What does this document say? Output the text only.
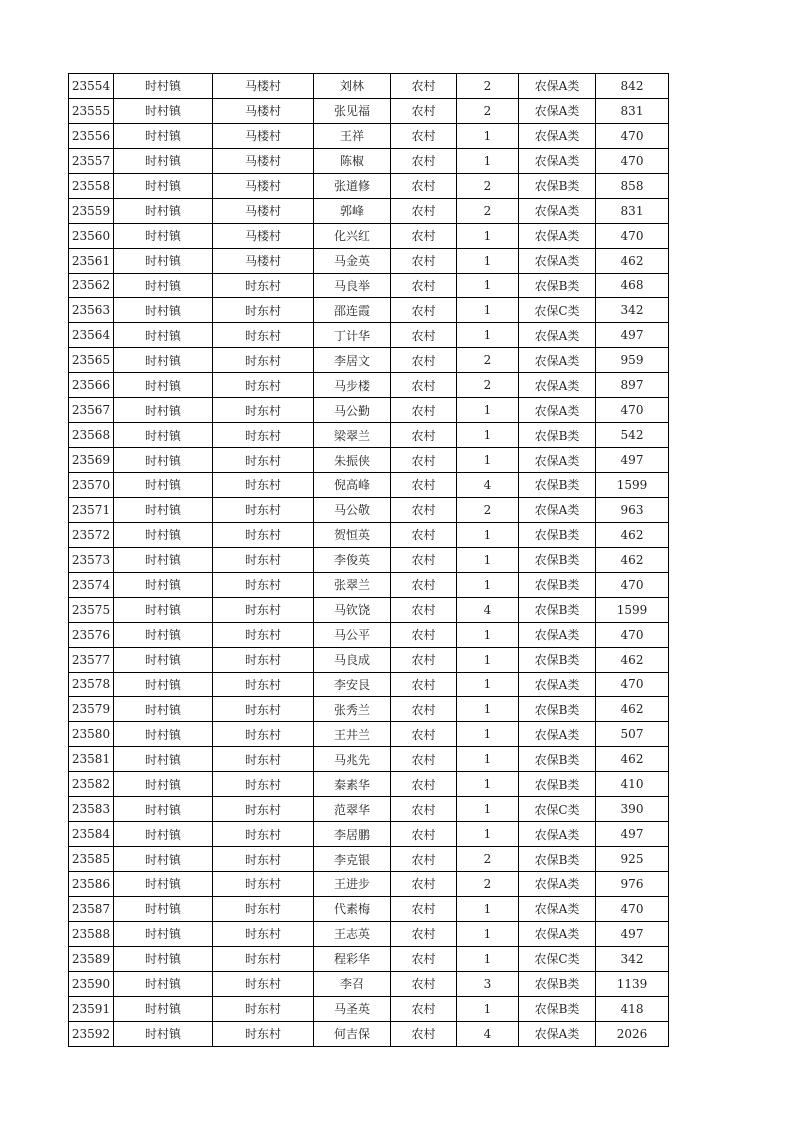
23554	时村镇	马楼村	刘林	农村	2	农保A类	842
23555	时村镇	马楼村	张见福	农村	2	农保A类	831
23556	时村镇	马楼村	王祥	农村	1	农保A类	470
23557	时村镇	马楼村	陈椒	农村	1	农保A类	470
23558	时村镇	马楼村	张道修	农村	2	农保B类	858
23559	时村镇	马楼村	郭峰	农村	2	农保A类	831
23560	时村镇	马楼村	化兴红	农村	1	农保A类	470
23561	时村镇	马楼村	马金英	农村	1	农保A类	462
23562	时村镇	时东村	马良举	农村	1	农保B类	468
23563	时村镇	时东村	邵连霞	农村	1	农保C类	342
23564	时村镇	时东村	丁计华	农村	1	农保A类	497
23565	时村镇	时东村	李居文	农村	2	农保A类	959
23566	时村镇	时东村	马步楼	农村	2	农保A类	897
23567	时村镇	时东村	马公勤	农村	1	农保A类	470
23568	时村镇	时东村	梁翠兰	农村	1	农保B类	542
23569	时村镇	时东村	朱振侠	农村	1	农保A类	497
23570	时村镇	时东村	倪高峰	农村	4	农保B类	1599
23571	时村镇	时东村	马公敬	农村	2	农保A类	963
23572	时村镇	时东村	贺恒英	农村	1	农保B类	462
23573	时村镇	时东村	李俊英	农村	1	农保B类	462
23574	时村镇	时东村	张翠兰	农村	1	农保B类	470
23575	时村镇	时东村	马钦饶	农村	4	农保B类	1599
23576	时村镇	时东村	马公平	农村	1	农保A类	470
23577	时村镇	时东村	马良成	农村	1	农保B类	462
23578	时村镇	时东村	李安艮	农村	1	农保A类	470
23579	时村镇	时东村	张秀兰	农村	1	农保B类	462
23580	时村镇	时东村	王井兰	农村	1	农保A类	507
23581	时村镇	时东村	马兆先	农村	1	农保B类	462
23582	时村镇	时东村	秦素华	农村	1	农保B类	410
23583	时村镇	时东村	范翠华	农村	1	农保C类	390
23584	时村镇	时东村	李居鹏	农村	1	农保A类	497
23585	时村镇	时东村	李克银	农村	2	农保B类	925
23586	时村镇	时东村	王进步	农村	2	农保A类	976
23587	时村镇	时东村	代素梅	农村	1	农保A类	470
23588	时村镇	时东村	王志英	农村	1	农保A类	497
23589	时村镇	时东村	程彩华	农村	1	农保C类	342
23590	时村镇	时东村	李召	农村	3	农保B类	1139
23591	时村镇	时东村	马圣英	农村	1	农保B类	418
23592	时村镇	时东村	何吉保	农村	4	农保A类	2026
